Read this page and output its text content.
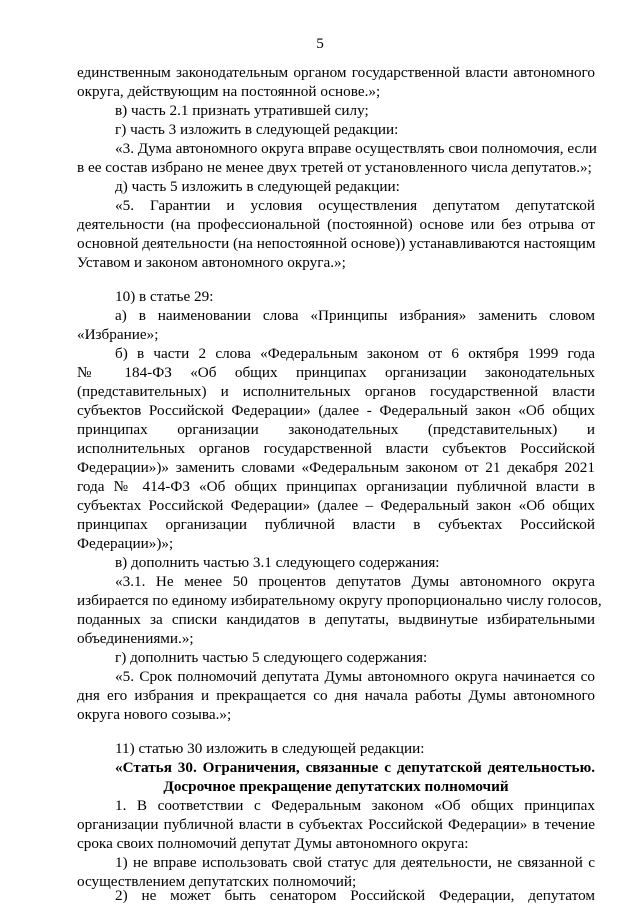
5
единственным законодательным органом государственной власти автономного
округа, действующим на постоянной основе.»;
в) часть 2.1 признать утратившей силу;
г) часть 3 изложить в следующей редакции:
«3. Дума автономного округа вправе осуществлять свои полномочия, если
в ее состав избрано не менее двух третей от установленного числа депутатов.»;
д) часть 5 изложить в следующей редакции:
«5. Гарантии и условия осуществления депутатом депутатской
деятельности (на профессиональной (постоянной) основе или без отрыва от
основной деятельности (на непостоянной основе)) устанавливаются настоящим
Уставом и законом автономного округа.»;
10) в статье 29:
а) в наименовании слова «Принципы избрания» заменить словом
«Избрание»;
б) в части 2 слова «Федеральным законом от 6 октября 1999 года
№ 184-ФЗ «Об общих принципах организации законодательных
(представительных) и исполнительных органов государственной власти
субъектов Российской Федерации» (далее - Федеральный закон «Об общих
принципах организации законодательных (представительных) и
исполнительных органов государственной власти субъектов Российской
Федерации»)» заменить словами «Федеральным законом от 21 декабря 2021
года № 414-ФЗ «Об общих принципах организации публичной власти в
субъектах Российской Федерации» (далее – Федеральный закон «Об общих
принципах организации публичной власти в субъектах Российской
Федерации»)»;
в) дополнить частью 3.1 следующего содержания:
«3.1. Не менее 50 процентов депутатов Думы автономного округа
избирается по единому избирательному округу пропорционально числу голосов,
поданных за списки кандидатов в депутаты, выдвинутые избирательными
объединениями.»;
г) дополнить частью 5 следующего содержания:
«5. Срок полномочий депутата Думы автономного округа начинается со
дня его избрания и прекращается со дня начала работы Думы автономного
округа нового созыва.»;
11) статью 30 изложить в следующей редакции:
«Статья 30. Ограничения, связанные с депутатской деятельностью.
Досрочное прекращение депутатских полномочий
1. В соответствии с Федеральным законом «Об общих принципах
организации публичной власти в субъектах Российской Федерации» в течение
срока своих полномочий депутат Думы автономного округа:
1) не вправе использовать свой статус для деятельности, не связанной с
осуществлением депутатских полномочий;
2) не может быть сенатором Российской Федерации, депутатом
